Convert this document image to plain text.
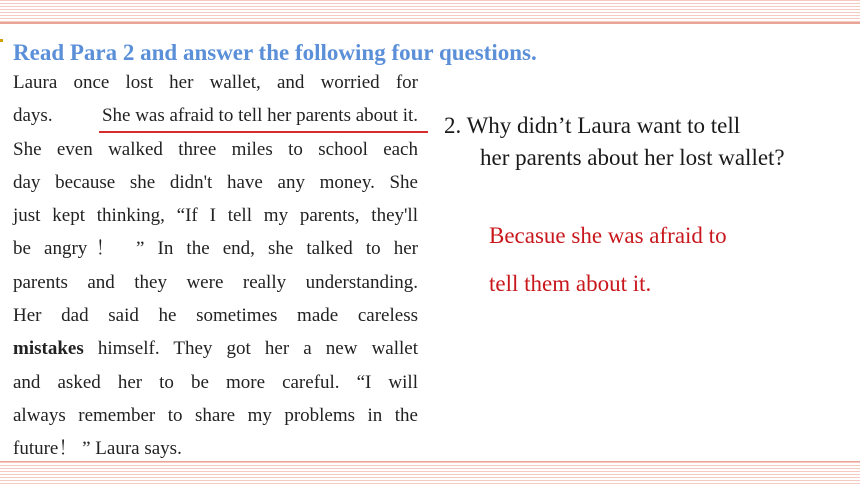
Read Para 2 and answer the following four questions.
Laura once lost her wallet, and worried for
days. She was afraid to tell her parents about it.
She even walked three miles to school each
day because she didn't have any money. She
just kept thinking, “If I tell my parents, they'll
be angry！ ” In the end, she talked to her
parents and they were really understanding.
Her dad said he sometimes made careless
mistakes himself. They got her a new wallet
and asked her to be more careful. “I will
always remember to share my problems in the
future！ ” Laura says.
2. Why didn’t Laura want to tell
her parents about her lost wallet?
Becasue she was afraid to
tell them about it.
